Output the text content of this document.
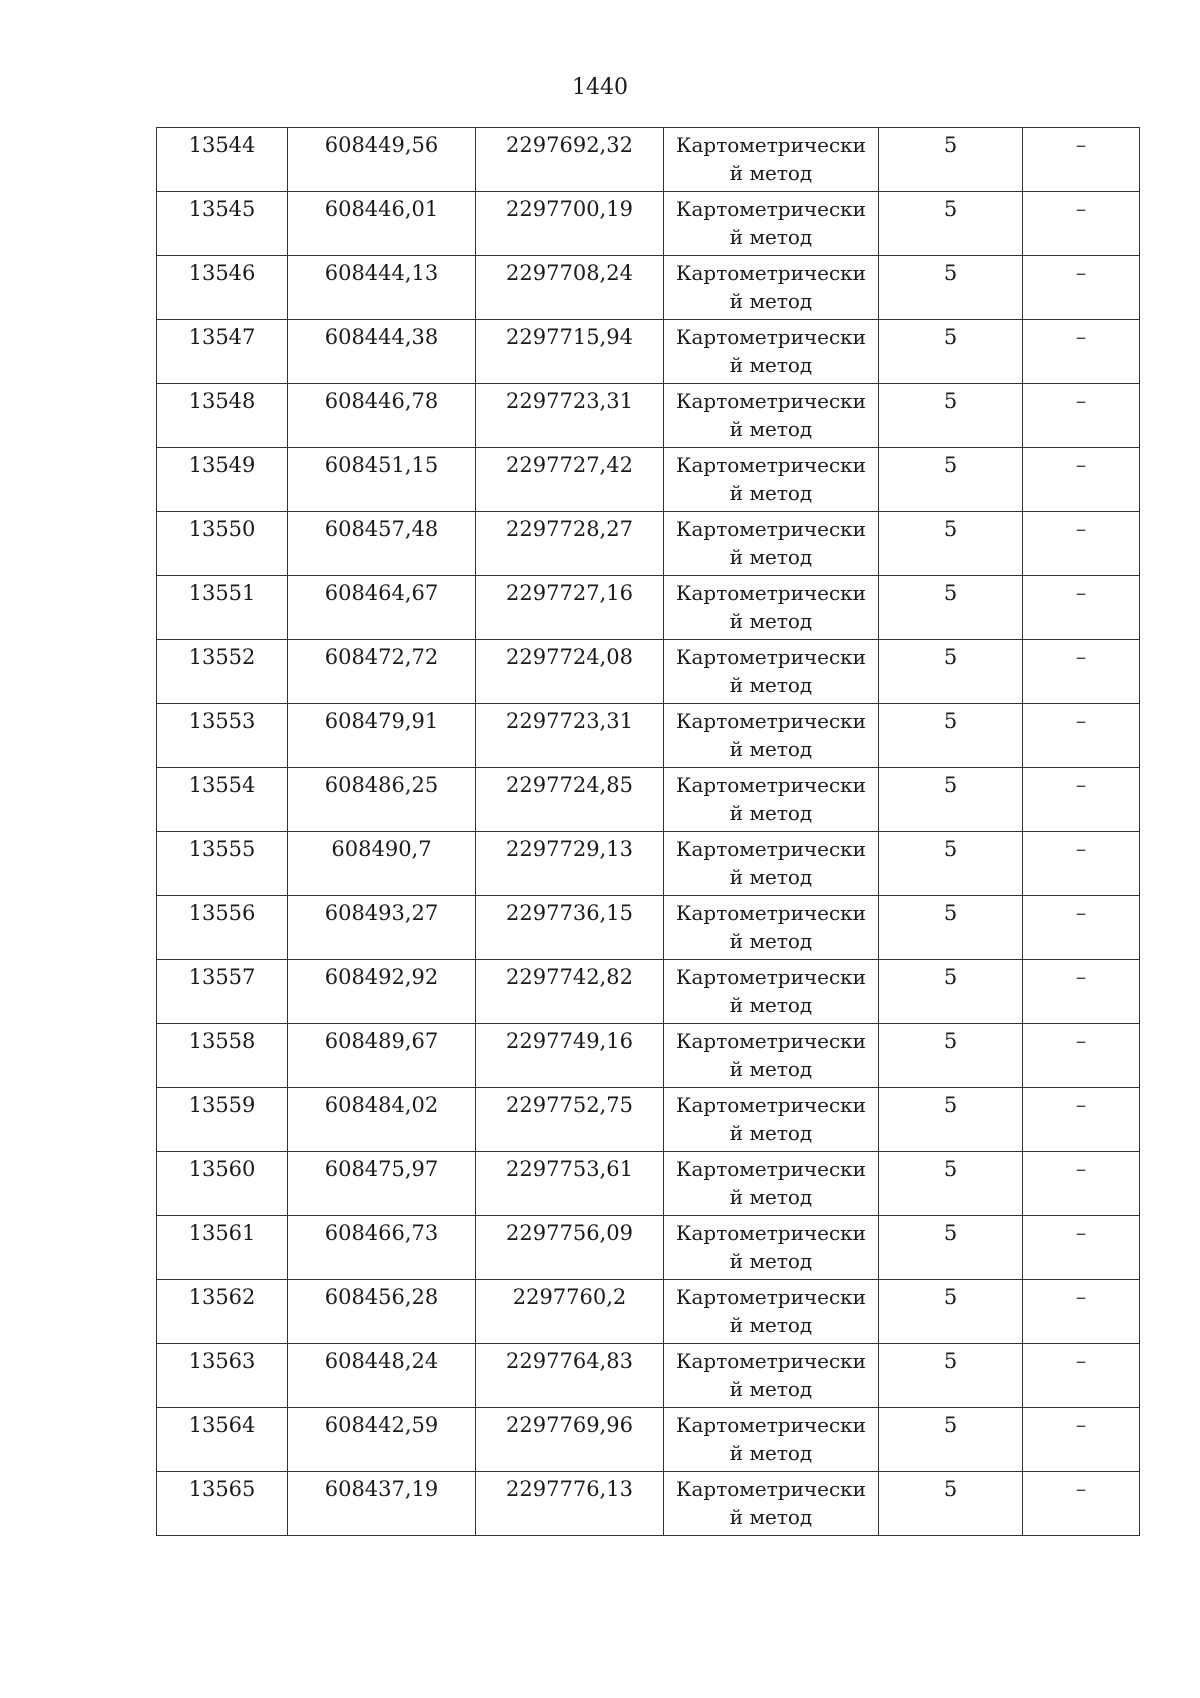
1440
13544	608449,56	2297692,32	Картометрический метод	5	–

13545	608446,01	2297700,19	Картометрический метод	5	–

13546	608444,13	2297708,24	Картометрический метод	5	–

13547	608444,38	2297715,94	Картометрический метод	5	–

13548	608446,78	2297723,31	Картометрический метод	5	–

13549	608451,15	2297727,42	Картометрический метод	5	–

13550	608457,48	2297728,27	Картометрический метод	5	–

13551	608464,67	2297727,16	Картометрический метод	5	–

13552	608472,72	2297724,08	Картометрический метод	5	–

13553	608479,91	2297723,31	Картометрический метод	5	–

13554	608486,25	2297724,85	Картометрический метод	5	–

13555	608490,7	2297729,13	Картометрический метод	5	–

13556	608493,27	2297736,15	Картометрический метод	5	–

13557	608492,92	2297742,82	Картометрический метод	5	–

13558	608489,67	2297749,16	Картометрический метод	5	–

13559	608484,02	2297752,75	Картометрический метод	5	–

13560	608475,97	2297753,61	Картометрический метод	5	–

13561	608466,73	2297756,09	Картометрический метод	5	–

13562	608456,28	2297760,2	Картометрический метод	5	–

13563	608448,24	2297764,83	Картометрический метод	5	–

13564	608442,59	2297769,96	Картометрический метод	5	–

13565	608437,19	2297776,13	Картометрический метод	5	–
